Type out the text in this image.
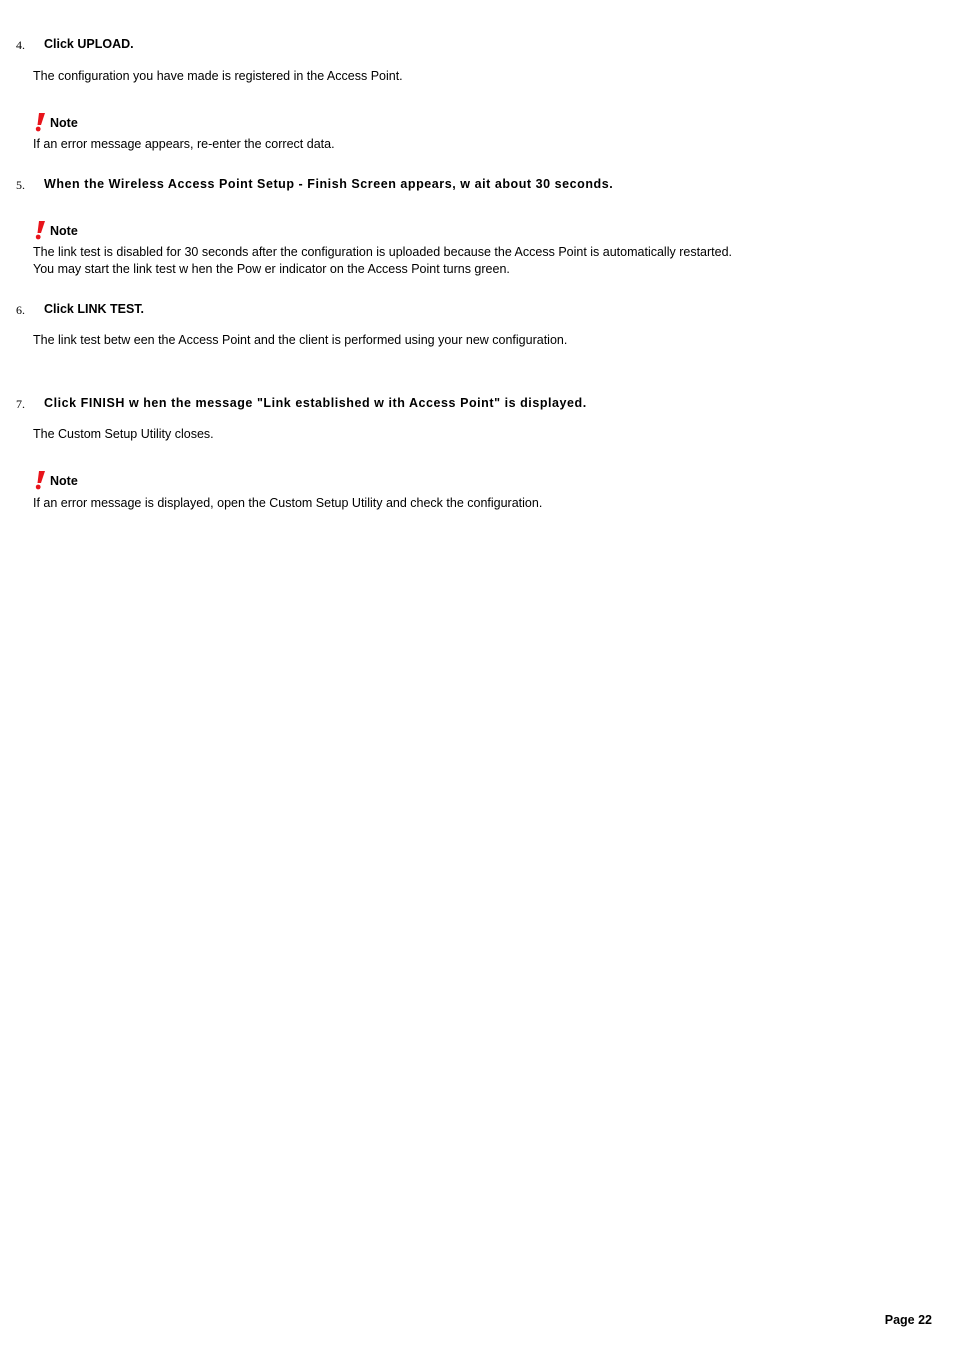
4. Click UPLOAD.
The configuration you have made is registered in the Access Point.
Note
If an error message appears, re-enter the correct data.
5. When the Wireless Access Point Setup - Finish Screen appears, w ait about 30 seconds.
Note
The link test is disabled for 30 seconds after the configuration is uploaded because the Access Point is automatically restarted.
You may start the link test w hen the Pow er indicator on the Access Point turns green.
6. Click LINK TEST.
The link test betw een the Access Point and the client is performed using your new configuration.
7. Click FINISH w hen the message "Link established w ith Access Point" is displayed.
The Custom Setup Utility closes.
Note
If an error message is displayed, open the Custom Setup Utility and check the configuration.
Page 22
